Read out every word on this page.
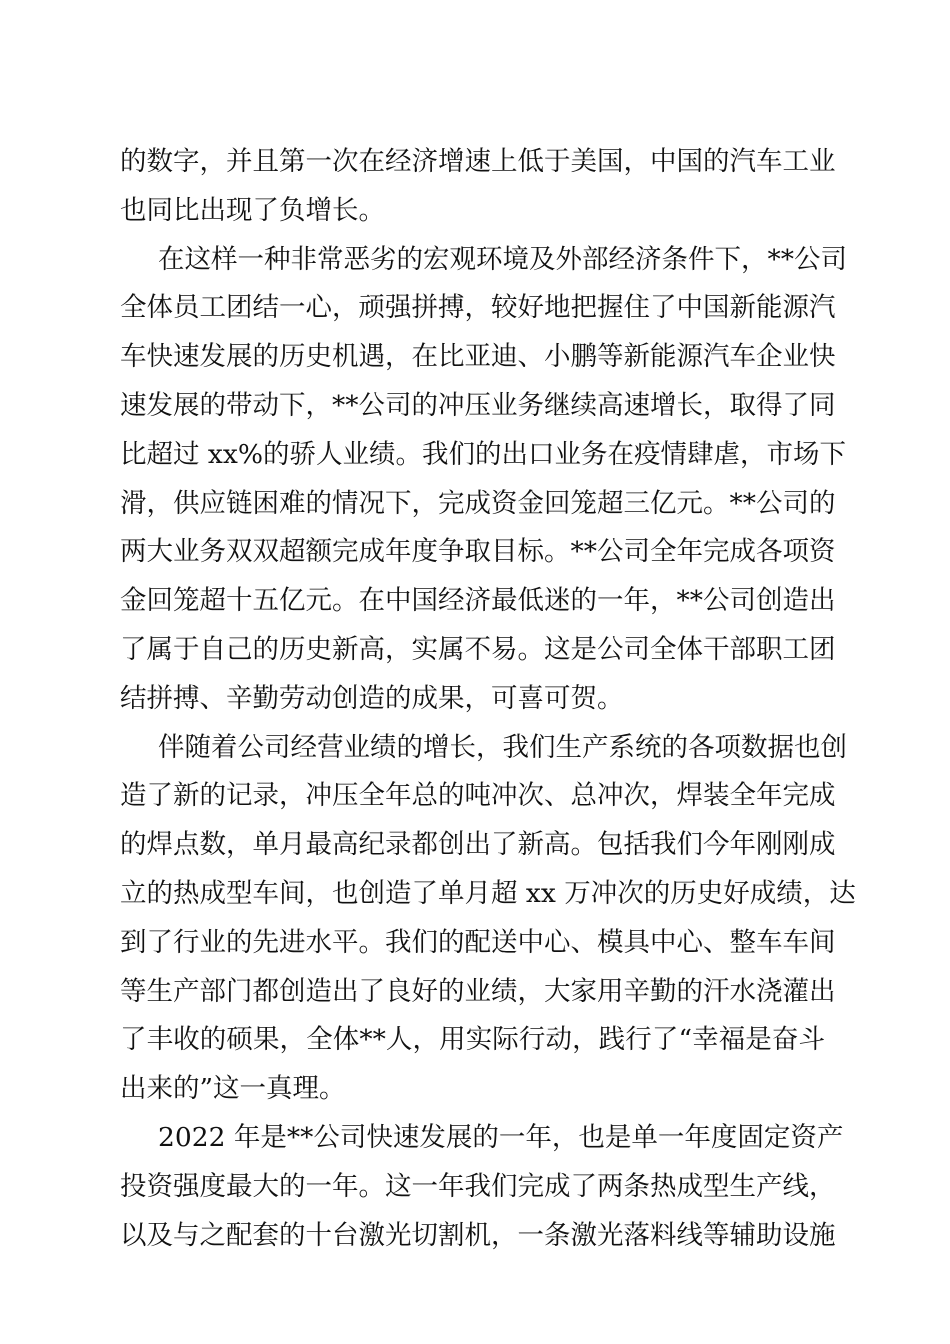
的数字，并且第一次在经济增速上低于美国，中国的汽车工业
也同比出现了负增长。
在这样一种非常恶劣的宏观环境及外部经济条件下，**公司
全体员工团结一心，顽强拼搏，较好地把握住了中国新能源汽
车快速发展的历史机遇，在比亚迪、小鹏等新能源汽车企业快
速发展的带动下，**公司的冲压业务继续高速增长，取得了同
比超过 xx%的骄人业绩。我们的出口业务在疫情肆虐，市场下
滑，供应链困难的情况下，完成资金回笼超三亿元。**公司的
两大业务双双超额完成年度争取目标。**公司全年完成各项资
金回笼超十五亿元。在中国经济最低迷的一年，**公司创造出
了属于自己的历史新高，实属不易。这是公司全体干部职工团
结拼搏、辛勤劳动创造的成果，可喜可贺。
伴随着公司经营业绩的增长，我们生产系统的各项数据也创
造了新的记录，冲压全年总的吨冲次、总冲次，焊装全年完成
的焊点数，单月最高纪录都创出了新高。包括我们今年刚刚成
立的热成型车间，也创造了单月超 xx 万冲次的历史好成绩，达
到了行业的先进水平。我们的配送中心、模具中心、整车车间
等生产部门都创造出了良好的业绩，大家用辛勤的汗水浇灌出
了丰收的硕果，全体**人，用实际行动，践行了“幸福是奋斗
出来的”这一真理。
2022 年是**公司快速发展的一年，也是单一年度固定资产
投资强度最大的一年。这一年我们完成了两条热成型生产线，
以及与之配套的十台激光切割机，一条激光落料线等辅助设施
